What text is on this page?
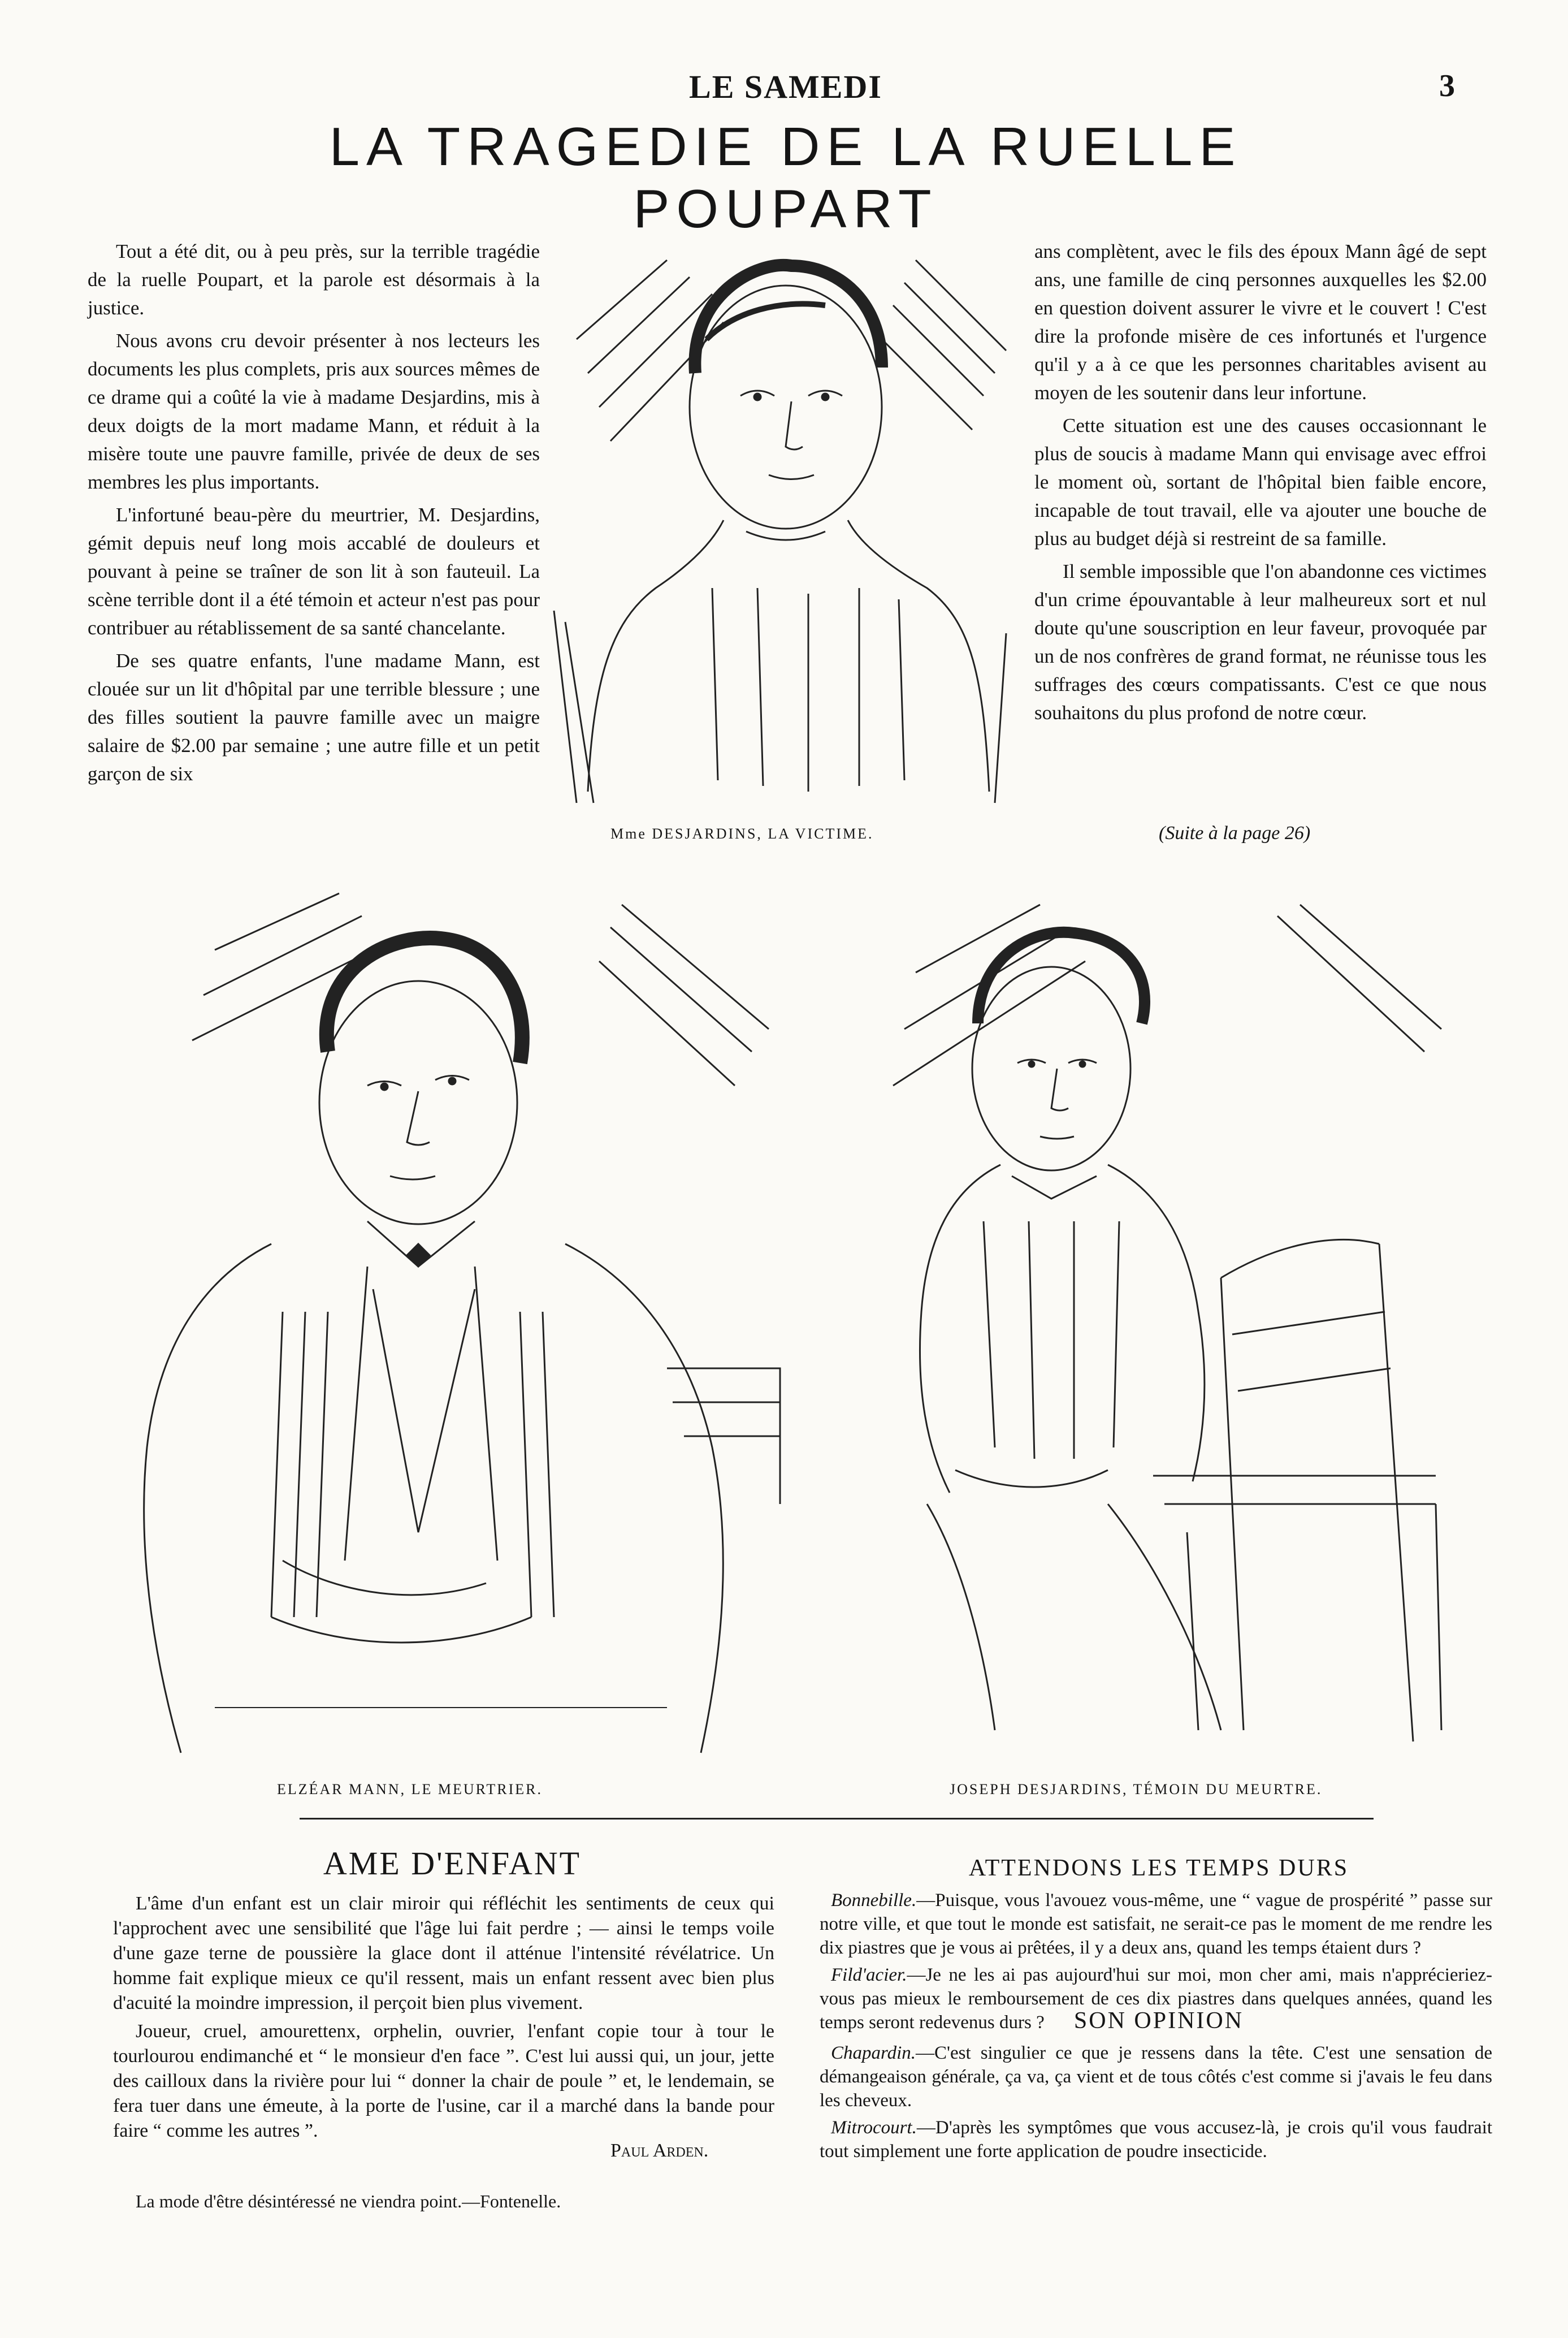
LE SAMEDI	3
LA TRAGEDIE DE LA RUELLE POUPART

Tout a été dit, ou à peu près, sur la terrible tragédie de la ruelle Poupart, et la parole est désormais à la justice.

Nous avons cru devoir présenter à nos lecteurs les documents les plus complets, pris aux sources mêmes de ce drame qui a coûté la vie à madame Desjardins, mis à deux doigts de la mort madame Mann, et réduit à la misère toute une pauvre famille, privée de deux de ses membres les plus importants.

L'infortuné beau-père du meurtrier, M. Desjardins, gémit depuis neuf long mois accablé de douleurs et pouvant à peine se traîner de son lit à son fauteuil. La scène terrible dont il a été témoin et acteur n'est pas pour contribuer au rétablissement de sa santé chancelante.

De ses quatre enfants, l'une madame Mann, est clouée sur un lit d'hôpital par une terrible blessure ; une des filles soutient la pauvre famille avec un maigre salaire de $2.00 par semaine ; une autre fille et un petit garçon de six

Mme DESJARDINS, LA VICTIME.

ans complètent, avec le fils des époux Mann âgé de sept ans, une famille de cinq personnes auxquelles les $2.00 en question doivent assurer le vivre et le couvert ! C'est dire la profonde misère de ces infortunés et l'urgence qu'il y a à ce que les personnes charitables avisent au moyen de les soutenir dans leur infortune.

Cette situation est une des causes occasionnant le plus de soucis à madame Mann qui envisage avec effroi le moment où, sortant de l'hôpital bien faible encore, incapable de tout travail, elle va ajouter une bouche de plus au budget déjà si restreint de sa famille.

Il semble impossible que l'on abandonne ces victimes d'un crime épouvantable à leur malheureux sort et nul doute qu'une souscription en leur faveur, provoquée par un de nos confrères de grand format, ne réunisse tous les suffrages des cœurs compatissants. C'est ce que nous souhaitons du plus profond de notre cœur.

(Suite à la page 26)
ELZÉAR MANN, LE MEURTRIER.	JOSEPH DESJARDINS, TÉMOIN DU MEURTRE.
AME D'ENFANT

L'âme d'un enfant est un clair miroir qui réfléchit les sentiments de ceux qui l'approchent avec une sensibilité que l'âge lui fait perdre ; — ainsi le temps voile d'une gaze terne de poussière la glace dont il atténue l'intensité révélatrice. Un homme fait explique mieux ce qu'il ressent, mais un enfant ressent avec bien plus d'acuité la moindre impression, il perçoit bien plus vivement.

Joueur, cruel, amourettenx, orphelin, ouvrier, l'enfant copie tour à tour le tourlourou endimanché et “ le monsieur d'en face ”. C'est lui aussi qui, un jour, jette des cailloux dans la rivière pour lui “ donner la chair de poule ” et, le lendemain, se fera tuer dans une émeute, à la porte de l'usine, car il a marché dans la bande pour faire “ comme les autres ”.

Paul Arden.
La mode d'être désintéressé ne viendra point.—Fontenelle.
ATTENDONS LES TEMPS DURS

Bonnebille.—Puisque, vous l'avouez vous-même, une “ vague de prospérité ” passe sur notre ville, et que tout le monde est satisfait, ne serait-ce pas le moment de me rendre les dix piastres que je vous ai prêtées, il y a deux ans, quand les temps étaient durs ?

Fild'acier.—Je ne les ai pas aujourd'hui sur moi, mon cher ami, mais n'apprécieriez-vous pas mieux le remboursement de ces dix piastres dans quelques années, quand les temps seront redevenus durs ?	SON OPINION

Chapardin.—C'est singulier ce que je ressens dans la tête. C'est une sensation de démangeaison générale, ça va, ça vient et de tous côtés c'est comme si j'avais le feu dans les cheveux.

Mitrocourt.—D'après les symptômes que vous accusez-là, je crois qu'il vous faudrait tout simplement une forte application de poudre insecticide.
